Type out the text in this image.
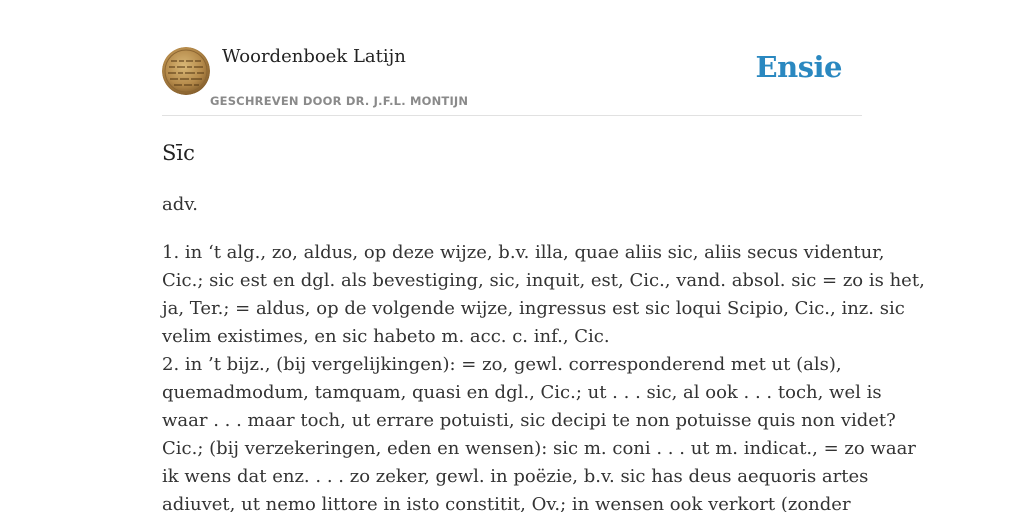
Woordenboek Latijn
GESCHREVEN DOOR DR. J.F.L. MONTIJN
Ensie
Sīc

adv.

1. in ‘t alg., zo, aldus, op deze wijze, b.v. illa, quae aliis sic, aliis secus videntur,
Cic.; sic est en dgl. als bevestiging, sic, inquit, est, Cic., vand. absol. sic = zo is het,
ja, Ter.; = aldus, op de volgende wijze, ingressus est sic loqui Scipio, Cic., inz. sic
velim existimes, en sic habeto m. acc. c. inf., Cic.
2. in ’t bijz., (bij vergelijkingen): = zo, gewl. corresponderend met ut (als),
quemadmodum, tamquam, quasi en dgl., Cic.; ut . . . sic, al ook . . . toch, wel is
waar . . . maar toch, ut errare potuisti, sic decipi te non potuisse quis non videt?
Cic.; (bij verzekeringen, eden en wensen): sic m. coni . . . ut m. indicat., = zo waar
ik wens dat enz. . . . zo zeker, gewl. in poëzie, b.v. sic has deus aequoris artes
adiuvet, ut nemo littore in isto constitit, Ov.; in wensen ook verkort (zonder
